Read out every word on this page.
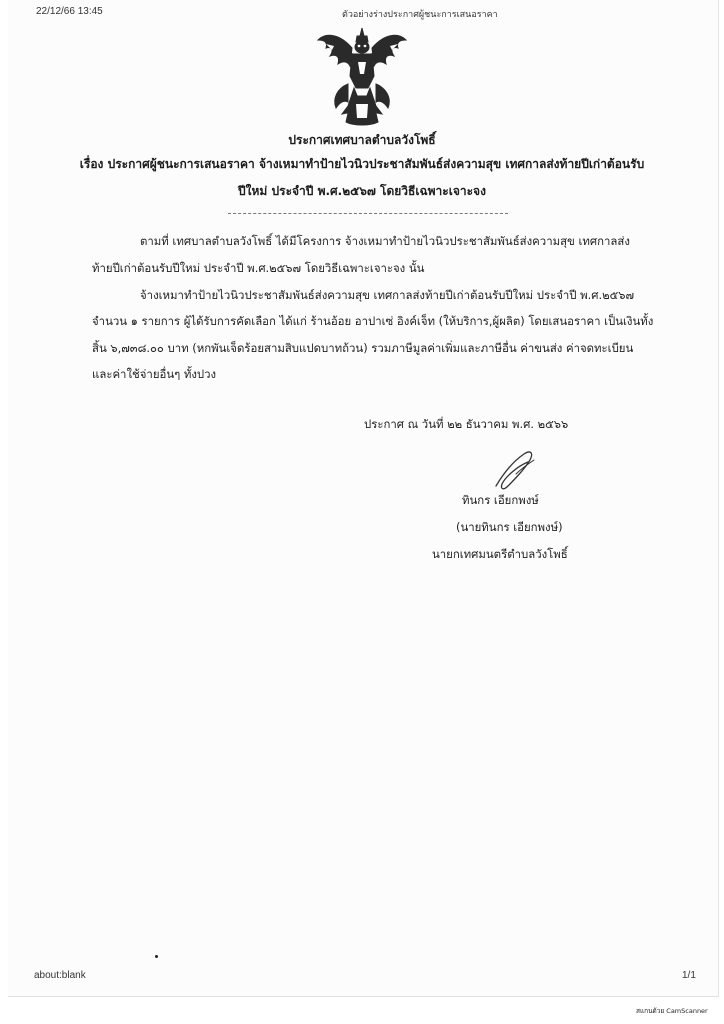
22/12/66 13:45	ตัวอย่างร่างประกาศผู้ชนะการเสนอราคา
ประกาศเทศบาลตำบลวังโพธิ์
เรื่อง ประกาศผู้ชนะการเสนอราคา จ้างเหมาทำป้ายไวนิวประชาสัมพันธ์ส่งความสุข เทศกาลส่งท้ายปีเก่าต้อนรับ
ปีใหม่ ประจำปี พ.ศ.๒๕๖๗ โดยวิธีเฉพาะเจาะจง
ตามที่ เทศบาลตำบลวังโพธิ์ ได้มีโครงการ จ้างเหมาทำป้ายไวนิวประชาสัมพันธ์ส่งความสุข เทศกาลส่ง
ท้ายปีเก่าต้อนรับปีใหม่ ประจำปี พ.ศ.๒๕๖๗ โดยวิธีเฉพาะเจาะจง นั้น
จ้างเหมาทำป้ายไวนิวประชาสัมพันธ์ส่งความสุข เทศกาลส่งท้ายปีเก่าต้อนรับปีใหม่ ประจำปี พ.ศ.๒๕๖๗
จำนวน ๑ รายการ ผู้ได้รับการคัดเลือก ได้แก่ ร้านอ้อย อาปาเซ่ อิงค์เจ็ท (ให้บริการ,ผู้ผลิต) โดยเสนอราคา เป็นเงินทั้ง
สิ้น ๖,๗๓๘.๐๐ บาท (หกพันเจ็ดร้อยสามสิบแปดบาทถ้วน) รวมภาษีมูลค่าเพิ่มและภาษีอื่น ค่าขนส่ง ค่าจดทะเบียน
และค่าใช้จ่ายอื่นๆ ทั้งปวง
ประกาศ ณ วันที่ ๒๒ ธันวาคม พ.ศ. ๒๕๖๖
ทินกร เอียกพงษ์
(นายทินกร เอียกพงษ์)
นายกเทศมนตรีตำบลวังโพธิ์
about:blank	1/1
สแกนด้วย CamScanner
